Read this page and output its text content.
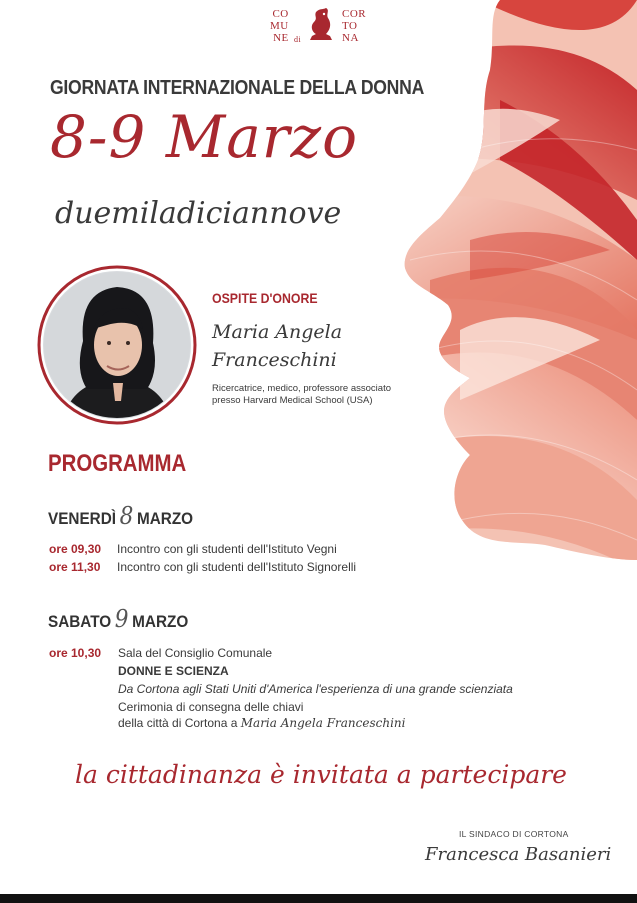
CO
MU
NE di
COR
TO
NA
GIORNATA INTERNAZIONALE DELLA DONNA
8-9 Marzo
duemiladiciannove
OSPITE D'ONORE
Maria Angela
Franceschini
Ricercatrice, medico, professore associato
presso Harvard Medical School (USA)
PROGRAMMA
VENERDÌ 8 MARZO
ore 09,30 Incontro con gli studenti dell'Istituto Vegni
ore 11,30 Incontro con gli studenti dell'Istituto Signorelli
SABATO 9 MARZO
ore 10,30 Sala del Consiglio Comunale
DONNE E SCIENZA
Da Cortona agli Stati Uniti d'America l'esperienza di una grande scienziata
Cerimonia di consegna delle chiavi
della città di Cortona a Maria Angela Franceschini
la cittadinanza è invitata a partecipare
IL SINDACO DI CORTONA
Francesca Basanieri
